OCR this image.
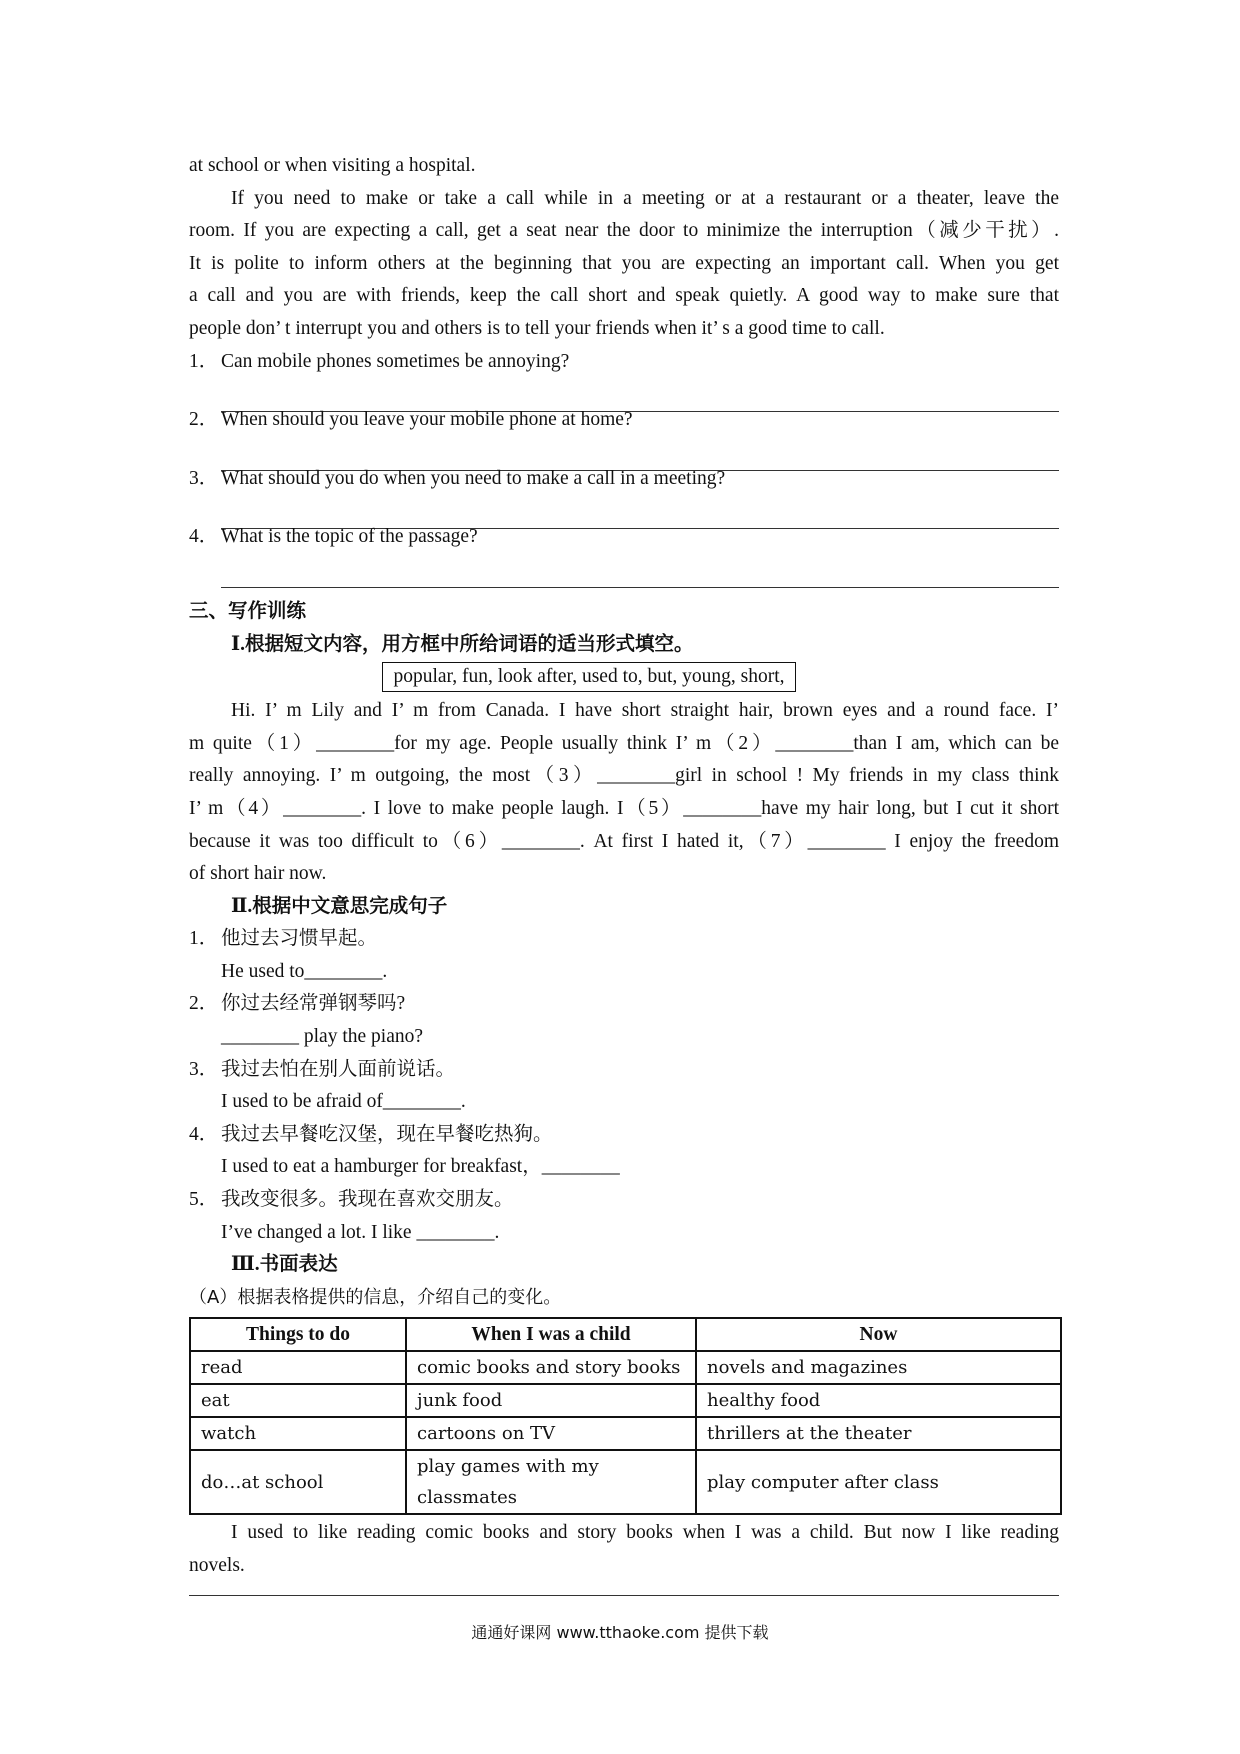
at school or when visiting a hospital.
If you need to make or take a call while in a meeting or at a restaurant or a theater, leave the
room. If you are expecting a call, get a seat near the door to minimize the interruption（减少干扰）.
It is polite to inform others at the beginning that you are expecting an important call. When you get
a call and you are with friends, keep the call short and speak quietly. A good way to make sure that
people don’ t interrupt you and others is to tell your friends when it’ s a good time to call.
1． Can mobile phones sometimes be annoying?
2． When should you leave your mobile phone at home?
3． What should you do when you need to make a call in a meeting?
4． What is the topic of the passage?
三、写作训练
Ⅰ.根据短文内容，用方框中所给词语的适当形式填空。
popular, fun, look after, used to, but, young, short,
Hi. I’ m Lily and I’ m from Canada. I have short straight hair, brown eyes and a round face. I’
m quite（1）________for my age. People usually think I’ m（2）________than I am, which can be
really annoying. I’ m outgoing, the most（3）________girl in school ! My friends in my class think
I’ m（4）________. I love to make people laugh. I（5）________have my hair long, but I cut it short
because it was too difficult to（6）________. At first I hated it,（7）________ I enjoy the freedom
of short hair now.
Ⅱ.根据中文意思完成句子
1． 他过去习惯早起。
He used to________.
2． 你过去经常弹钢琴吗?
________ play the piano?
3． 我过去怕在别人面前说话。
I used to be afraid of________.
4． 我过去早餐吃汉堡，现在早餐吃热狗。
I used to eat a hamburger for breakfast，________
5． 我改变很多。我现在喜欢交朋友。
I’ve changed a lot. I like ________.
Ⅲ.书面表达
（A）根据表格提供的信息，介绍自己的变化。
Things to do	When I was a child	Now
read	comic books and story books	novels and magazines
eat	junk food	healthy food
watch	cartoons on TV	thrillers at the theater
do…at school	play games with my classmates	play computer after class
I used to like reading comic books and story books when I was a child. But now I like reading
novels.
通通好课网 www.tthaoke.com 提供下载
